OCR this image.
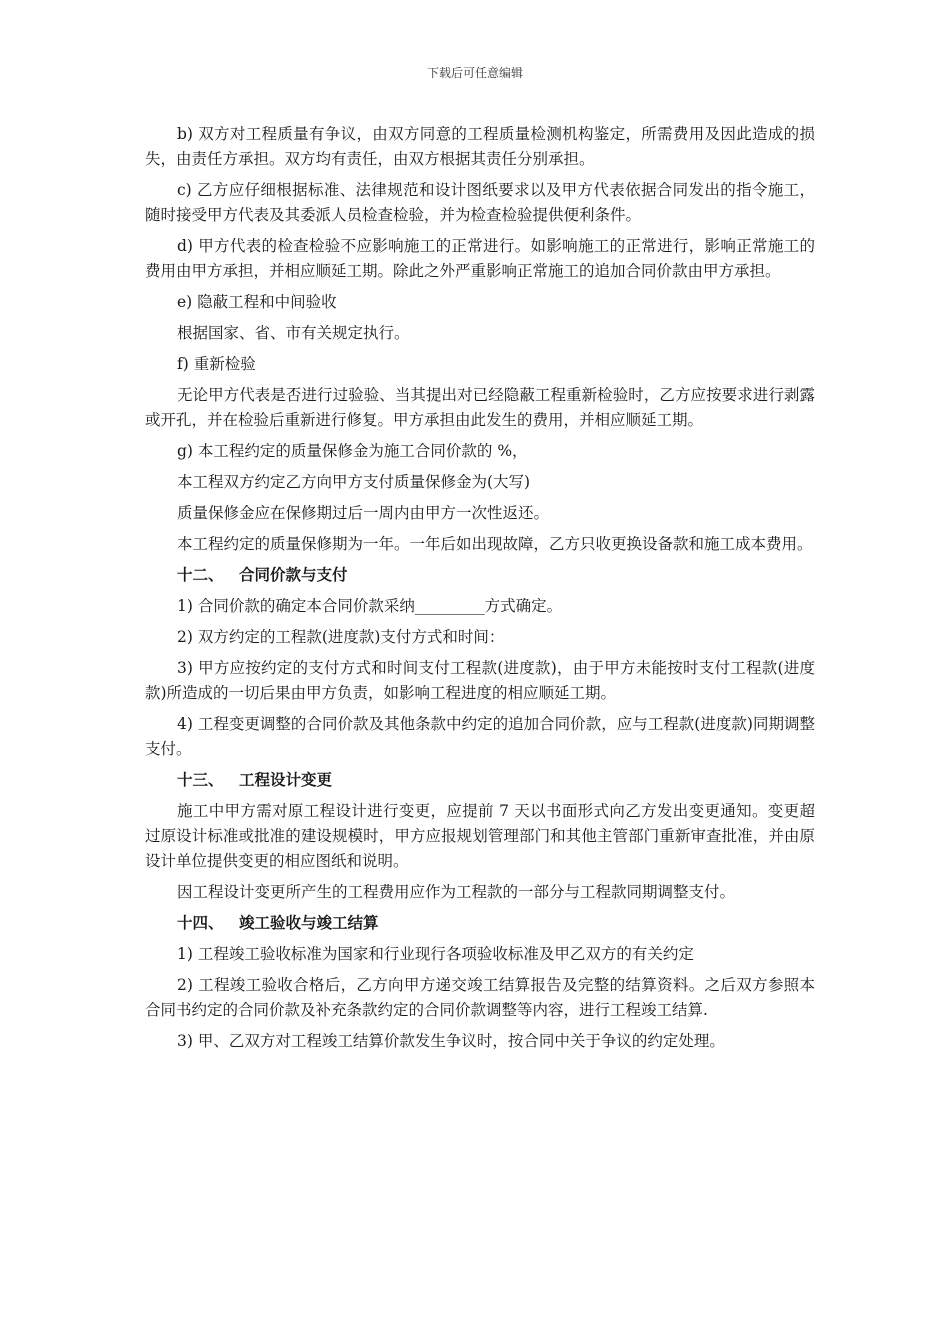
下载后可任意编辑

b) 双方对工程质量有争议，由双方同意的工程质量检测机构鉴定，所需费用及因此造成的损失，由责任方承担。双方均有责任，由双方根据其责任分别承担。

c) 乙方应仔细根据标准、法律规范和设计图纸要求以及甲方代表依据合同发出的指令施工，随时接受甲方代表及其委派人员检查检验，并为检查检验提供便利条件。

d) 甲方代表的检查检验不应影响施工的正常进行。如影响施工的正常进行，影响正常施工的费用由甲方承担，并相应顺延工期。除此之外严重影响正常施工的追加合同价款由甲方承担。

e) 隐蔽工程和中间验收

根据国家、省、市有关规定执行。

f) 重新检验

无论甲方代表是否进行过验验、当其提出对已经隐蔽工程重新检验时，乙方应按要求进行剥露或开孔，并在检验后重新进行修复。甲方承担由此发生的费用，并相应顺延工期。

g) 本工程约定的质量保修金为施工合同价款的 %，

本工程双方约定乙方向甲方支付质量保修金为(大写)

质量保修金应在保修期过后一周内由甲方一次性返还。

本工程约定的质量保修期为一年。一年后如出现故障，乙方只收更换设备款和施工成本费用。

十二、 合同价款与支付

1) 合同价款的确定本合同价款采纳_________方式确定。

2) 双方约定的工程款(进度款)支付方式和时间：

3) 甲方应按约定的支付方式和时间支付工程款(进度款)，由于甲方未能按时支付工程款(进度款)所造成的一切后果由甲方负责，如影响工程进度的相应顺延工期。

4) 工程变更调整的合同价款及其他条款中约定的追加合同价款，应与工程款(进度款)同期调整支付。

十三、 工程设计变更

施工中甲方需对原工程设计进行变更，应提前 7 天以书面形式向乙方发出变更通知。变更超过原设计标准或批准的建设规模时，甲方应报规划管理部门和其他主管部门重新审查批准，并由原设计单位提供变更的相应图纸和说明。

因工程设计变更所产生的工程费用应作为工程款的一部分与工程款同期调整支付。

十四、 竣工验收与竣工结算

1) 工程竣工验收标准为国家和行业现行各项验收标准及甲乙双方的有关约定

2) 工程竣工验收合格后，乙方向甲方递交竣工结算报告及完整的结算资料。之后双方参照本合同书约定的合同价款及补充条款约定的合同价款调整等内容，进行工程竣工结算.

3) 甲、乙双方对工程竣工结算价款发生争议时，按合同中关于争议的约定处理。
